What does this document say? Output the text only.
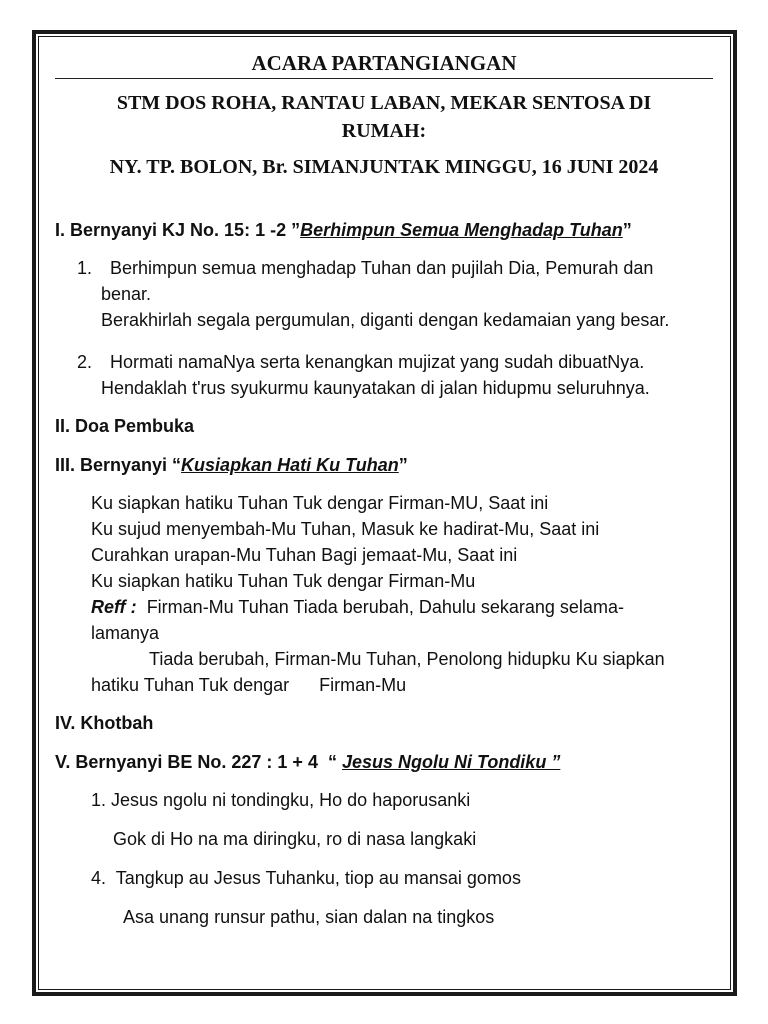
ACARA PARTANGIANGAN

STM DOS ROHA, RANTAU LABAN, MEKAR SENTOSA DI
RUMAH:

NY. TP. BOLON, Br. SIMANJUNTAK MINGGU, 16 JUNI 2024

I. Bernyanyi KJ No. 15: 1 -2 ”Berhimpun Semua Menghadap Tuhan”

1. Berhimpun semua menghadap Tuhan dan pujilah Dia, Pemurah dan
benar.
Berakhirlah segala pergumulan, diganti dengan kedamaian yang besar.
2. Hormati namaNya serta kenangkan mujizat yang sudah dibuatNya.
Hendaklah t'rus syukurmu kaunyatakan di jalan hidupmu seluruhnya.

II. Doa Pembuka

III. Bernyanyi “Kusiapkan Hati Ku Tuhan”

Ku siapkan hatiku Tuhan Tuk dengar Firman-MU, Saat ini
Ku sujud menyembah-Mu Tuhan, Masuk ke hadirat-Mu, Saat ini
Curahkan urapan-Mu Tuhan Bagi jemaat-Mu, Saat ini
Ku siapkan hatiku Tuhan Tuk dengar Firman-Mu
Reff : Firman-Mu Tuhan Tiada berubah, Dahulu sekarang selama-
lamanya
Tiada berubah, Firman-Mu Tuhan, Penolong hidupku Ku siapkan
hatiku Tuhan Tuk dengar      Firman-Mu

IV. Khotbah

V. Bernyanyi BE No. 227 : 1 + 4  “ Jesus Ngolu Ni Tondiku ”

1. Jesus ngolu ni tondingku, Ho do haporusanki

Gok di Ho na ma diringku, ro di nasa langkaki

4.  Tangkup au Jesus Tuhanku, tiop au mansai gomos

Asa unang runsur pathu, sian dalan na tingkos
